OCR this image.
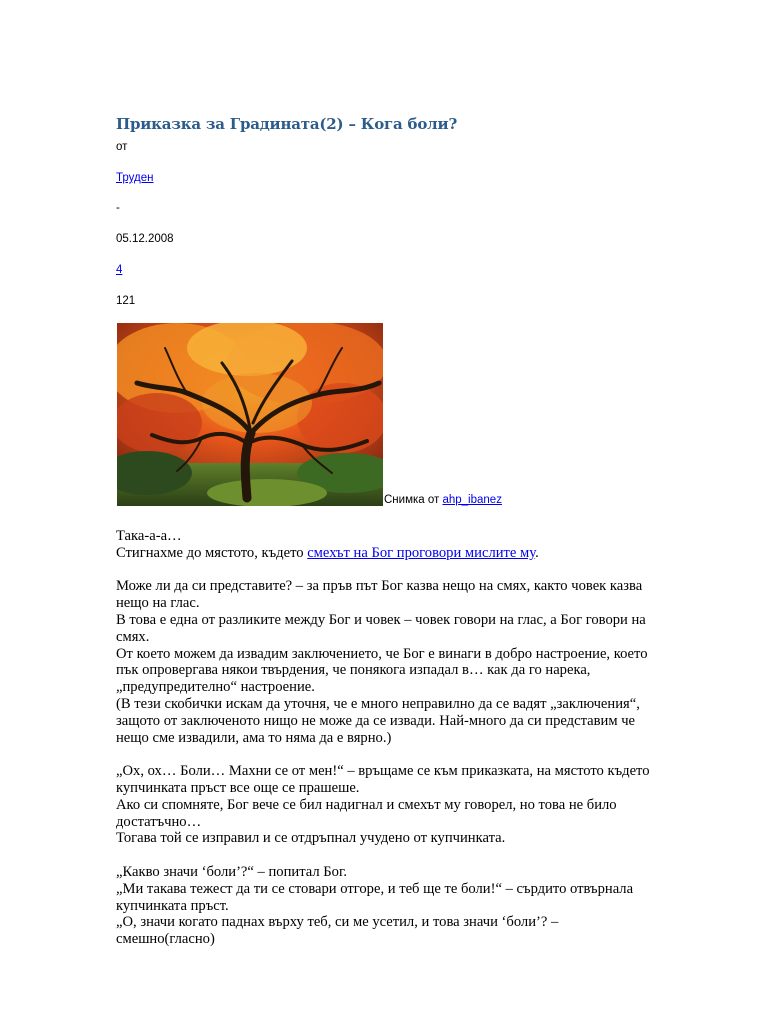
Приказка за Градината(2) – Кога боли?
от
Труден
-
05.12.2008
4
121
Снимка от ahp_ibanez

Така-а-а…
Стигнахме до мястото, където смехът на Бог проговори мислите му.

Може ли да си представите? – за пръв път Бог казва нещо на смях, както човек казва нещо на глас.
В това е една от разликите между Бог и човек – човек говори на глас, а Бог говори на смях.
От което можем да извадим заключението, че Бог е винаги в добро настроение, което пък опровергава някои твърдения, че понякога изпадал в… как да го нарека, „предупредително“ настроение.
(В тези скобички искам да уточня, че е много неправилно да се вадят „заключения“, защото от заключеното нищо не може да се извади. Най-много да си представим че нещо сме извадили, ама то няма да е вярно.)

„Ох, ох… Боли… Махни се от мен!“ – връщаме се към приказката, на мястото където купчинката пръст все още се прашеше.
Ако си спомняте, Бог вече се бил надигнал и смехът му говорел, но това не било достатъчно…
Тогава той се изправил и се отдръпнал учудено от купчинката.

„Какво значи ‘боли’?“ – попитал Бог.
„Ми такава тежест да ти се стовари отгоре, и теб ще те боли!“ – сърдито отвърнала купчинката пръст.
„О, значи когато паднах върху теб, си ме усетил, и това значи ‘боли’? – смешно(гласно)
